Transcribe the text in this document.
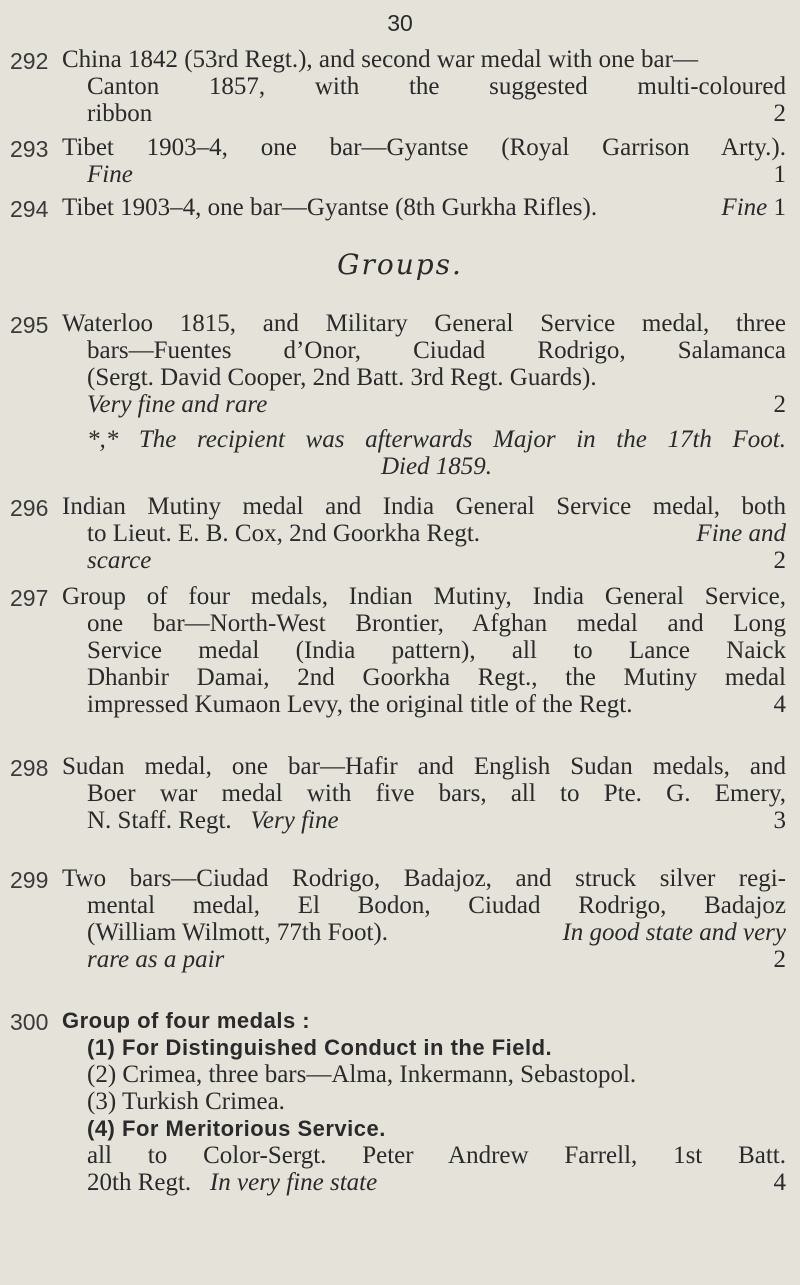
30
292 China 1842 (53rd Regt.), and second war medal with one bar—
Canton 1857, with the suggested multi-coloured
ribbon	2
293 Tibet 1903–4, one bar—Gyantse (Royal Garrison Arty.).
Fine	1
294 Tibet 1903–4, one bar—Gyantse (8th Gurkha Rifles).	Fine 1
Groups.
295 Waterloo 1815, and Military General Service medal, three
bars—Fuentes d’Onor, Ciudad Rodrigo, Salamanca
(Sergt. David Cooper, 2nd Batt. 3rd Regt. Guards).
Very fine and rare	2
*,* The recipient was afterwards Major in the 17th Foot.
Died 1859.
296 Indian Mutiny medal and India General Service medal, both
to Lieut. E. B. Cox, 2nd Goorkha Regt.	Fine and
scarce	2
297 Group of four medals, Indian Mutiny, India General Service,
one bar—North-West Brontier, Afghan medal and Long
Service medal (India pattern), all to Lance Naick
Dhanbir Damai, 2nd Goorkha Regt., the Mutiny medal
impressed Kumaon Levy, the original title of the Regt.	4
298 Sudan medal, one bar—Hafir and English Sudan medals, and
Boer war medal with five bars, all to Pte. G. Emery,
N. Staff. Regt. Very fine	3
299 Two bars—Ciudad Rodrigo, Badajoz, and struck silver regi-
mental medal, El Bodon, Ciudad Rodrigo, Badajoz
(William Wilmott, 77th Foot).	In good state and very
rare as a pair	2
300 Group of four medals :
(1) For Distinguished Conduct in the Field.
(2) Crimea, three bars—Alma, Inkermann, Sebastopol.
(3) Turkish Crimea.
(4) For Meritorious Service.
all to Color-Sergt. Peter Andrew Farrell, 1st Batt.
20th Regt. In very fine state	4
